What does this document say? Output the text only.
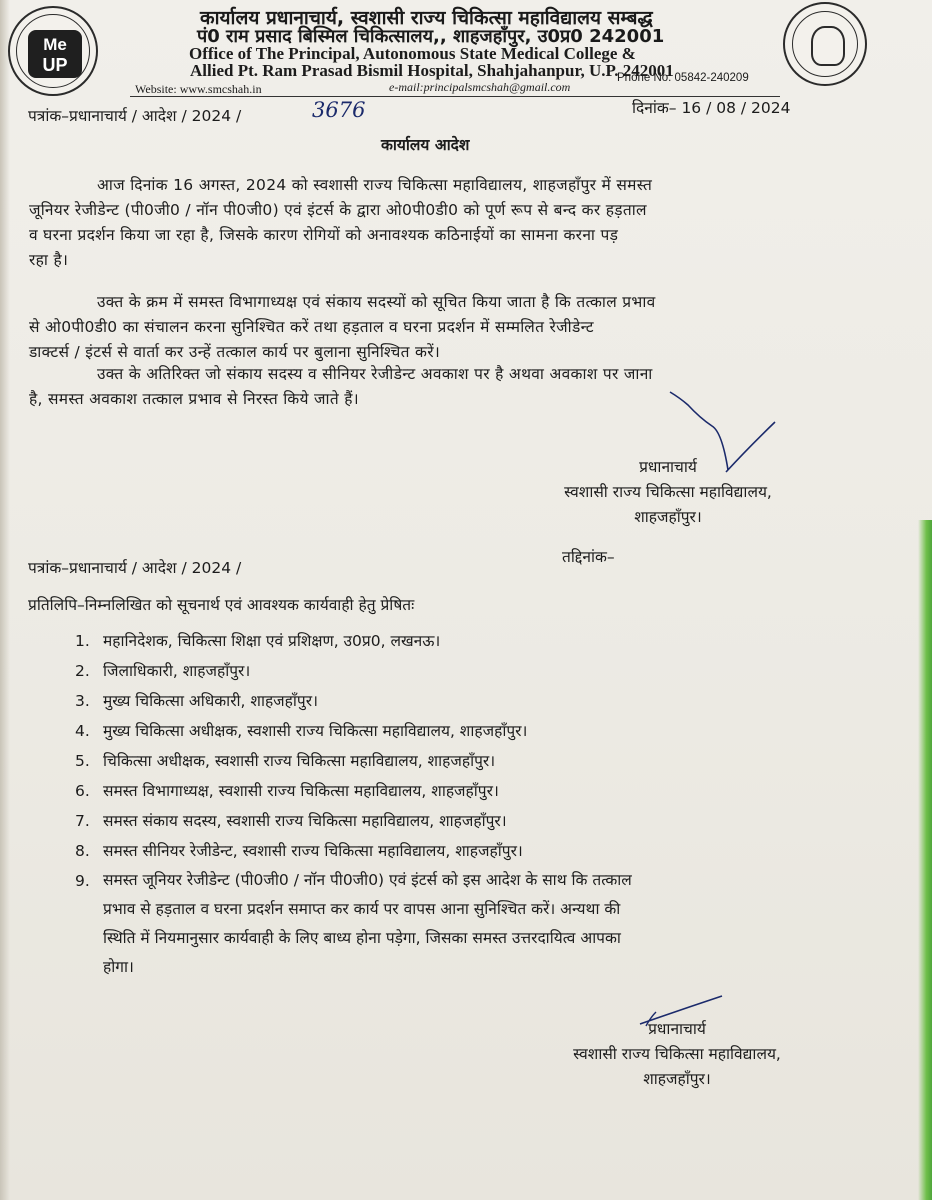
Me
UP
कार्यालय प्रधानाचार्य, स्वशासी राज्य चिकित्सा महाविद्यालय सम्बद्ध
पं0 राम प्रसाद बिस्मिल चिकित्सालय,, शाहजहाँपुर, उ0प्र0 242001
Office of The Principal, Autonomous State Medical College &
Allied Pt. Ram Prasad Bismil Hospital, Shahjahanpur, U.P. 242001
Website: www.smcshah.in	e-mail:principalsmcshah@gmail.com
Phone No. 05842-240209
पत्रांक–प्रधानाचार्य / आदेश / 2024 /	3676	दिनांक– 16 / 08 / 2024
कार्यालय आदेश

आज दिनांक 16 अगस्त, 2024 को स्वशासी राज्य चिकित्सा महाविद्यालय, शाहजहाँपुर में समस्त

जूनियर रेजीडेन्ट (पी0जी0 / नॉन पी0जी0) एवं इंटर्स के द्वारा ओ0पी0डी0 को पूर्ण रूप से बन्द कर हड़ताल

व घरना प्रदर्शन किया जा रहा है, जिसके कारण रोगियों को अनावश्यक कठिनाईयों का सामना करना पड़

रहा है।

उक्त के क्रम में समस्त विभागाध्यक्ष एवं संकाय सदस्यों को सूचित किया जाता है कि तत्काल प्रभाव

से ओ0पी0डी0 का संचालन करना सुनिश्चित करें तथा हड़ताल व घरना प्रदर्शन में सम्मलित रेजीडेन्ट

डाक्टर्स / इंटर्स से वार्ता कर उन्हें तत्काल कार्य पर बुलाना सुनिश्चित करें।

उक्त के अतिरिक्त जो संकाय सदस्य व सीनियर रेजीडेन्ट अवकाश पर है अथवा अवकाश पर जाना

है, समस्त अवकाश तत्काल प्रभाव से निरस्त किये जाते हैं।

प्रधानाचार्य

स्वशासी राज्य चिकित्सा महाविद्यालय,

शाहजहाँपुर।

पत्रांक–प्रधानाचार्य / आदेश / 2024 /
तद्दिनांक–
प्रतिलिपि–निम्नलिखित को सूचनार्थ एवं आवश्यक कार्यवाही हेतु प्रेषितः
1. महानिदेशक, चिकित्सा शिक्षा एवं प्रशिक्षण, उ0प्र0, लखनऊ।
2. जिलाधिकारी, शाहजहाँपुर।
3. मुख्य चिकित्सा अधिकारी, शाहजहाँपुर।
4. मुख्य चिकित्सा अधीक्षक, स्वशासी राज्य चिकित्सा महाविद्यालय, शाहजहाँपुर।
5. चिकित्सा अधीक्षक, स्वशासी राज्य चिकित्सा महाविद्यालय, शाहजहाँपुर।
6. समस्त विभागाध्यक्ष, स्वशासी राज्य चिकित्सा महाविद्यालय, शाहजहाँपुर।
7. समस्त संकाय सदस्य, स्वशासी राज्य चिकित्सा महाविद्यालय, शाहजहाँपुर।
8. समस्त सीनियर रेजीडेन्ट, स्वशासी राज्य चिकित्सा महाविद्यालय, शाहजहाँपुर।
9. समस्त जूनियर रेजीडेन्ट (पी0जी0 / नॉन पी0जी0) एवं इंटर्स को इस आदेश के साथ कि तत्काल
प्रभाव से हड़ताल व घरना प्रदर्शन समाप्त कर कार्य पर वापस आना सुनिश्चित करें। अन्यथा की
स्थिति में नियमानुसार कार्यवाही के लिए बाध्य होना पड़ेगा, जिसका समस्त उत्तरदायित्व आपका
होगा।

प्रधानाचार्य

स्वशासी राज्य चिकित्सा महाविद्यालय,

शाहजहाँपुर।
